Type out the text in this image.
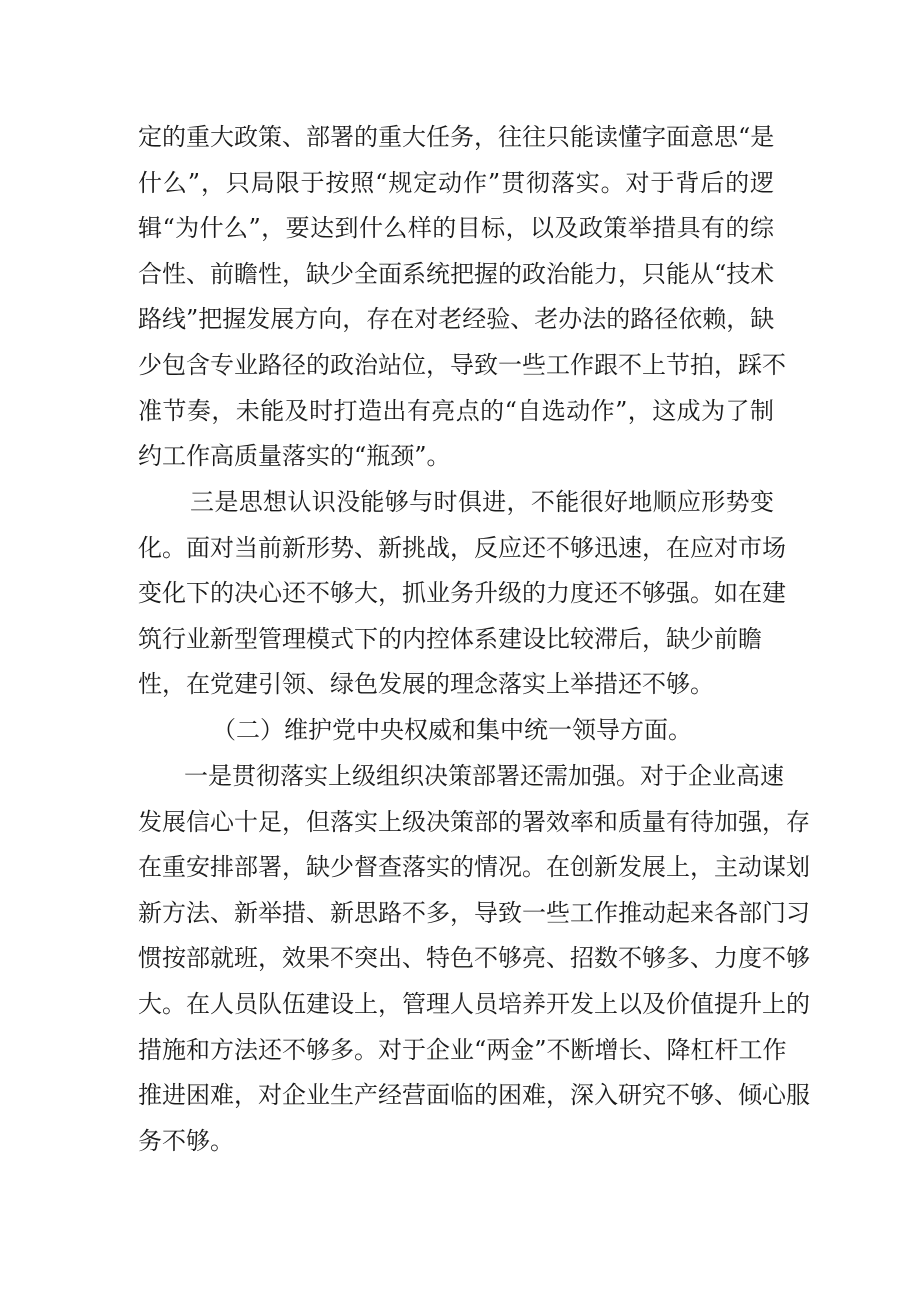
定的重大政策、部署的重大任务，往往只能读懂字面意思“是
什么”，只局限于按照“规定动作”贯彻落实。对于背后的逻
辑“为什么”，要达到什么样的目标，以及政策举措具有的综
合性、前瞻性，缺少全面系统把握的政治能力，只能从“技术
路线”把握发展方向，存在对老经验、老办法的路径依赖，缺
少包含专业路径的政治站位，导致一些工作跟不上节拍，踩不
准节奏，未能及时打造出有亮点的“自选动作”，这成为了制
约工作高质量落实的“瓶颈”。
三是思想认识没能够与时俱进，不能很好地顺应形势变
化。面对当前新形势、新挑战，反应还不够迅速，在应对市场
变化下的决心还不够大，抓业务升级的力度还不够强。如在建
筑行业新型管理模式下的内控体系建设比较滞后，缺少前瞻
性，在党建引领、绿色发展的理念落实上举措还不够。
（二）维护党中央权威和集中统一领导方面。
一是贯彻落实上级组织决策部署还需加强。对于企业高速
发展信心十足，但落实上级决策部的署效率和质量有待加强，存
在重安排部署，缺少督查落实的情况。在创新发展上，主动谋划
新方法、新举措、新思路不多，导致一些工作推动起来各部门习
惯按部就班，效果不突出、特色不够亮、招数不够多、力度不够
大。在人员队伍建设上，管理人员培养开发上以及价值提升上的
措施和方法还不够多。对于企业“两金”不断增长、降杠杆工作
推进困难，对企业生产经营面临的困难，深入研究不够、倾心服
务不够。
